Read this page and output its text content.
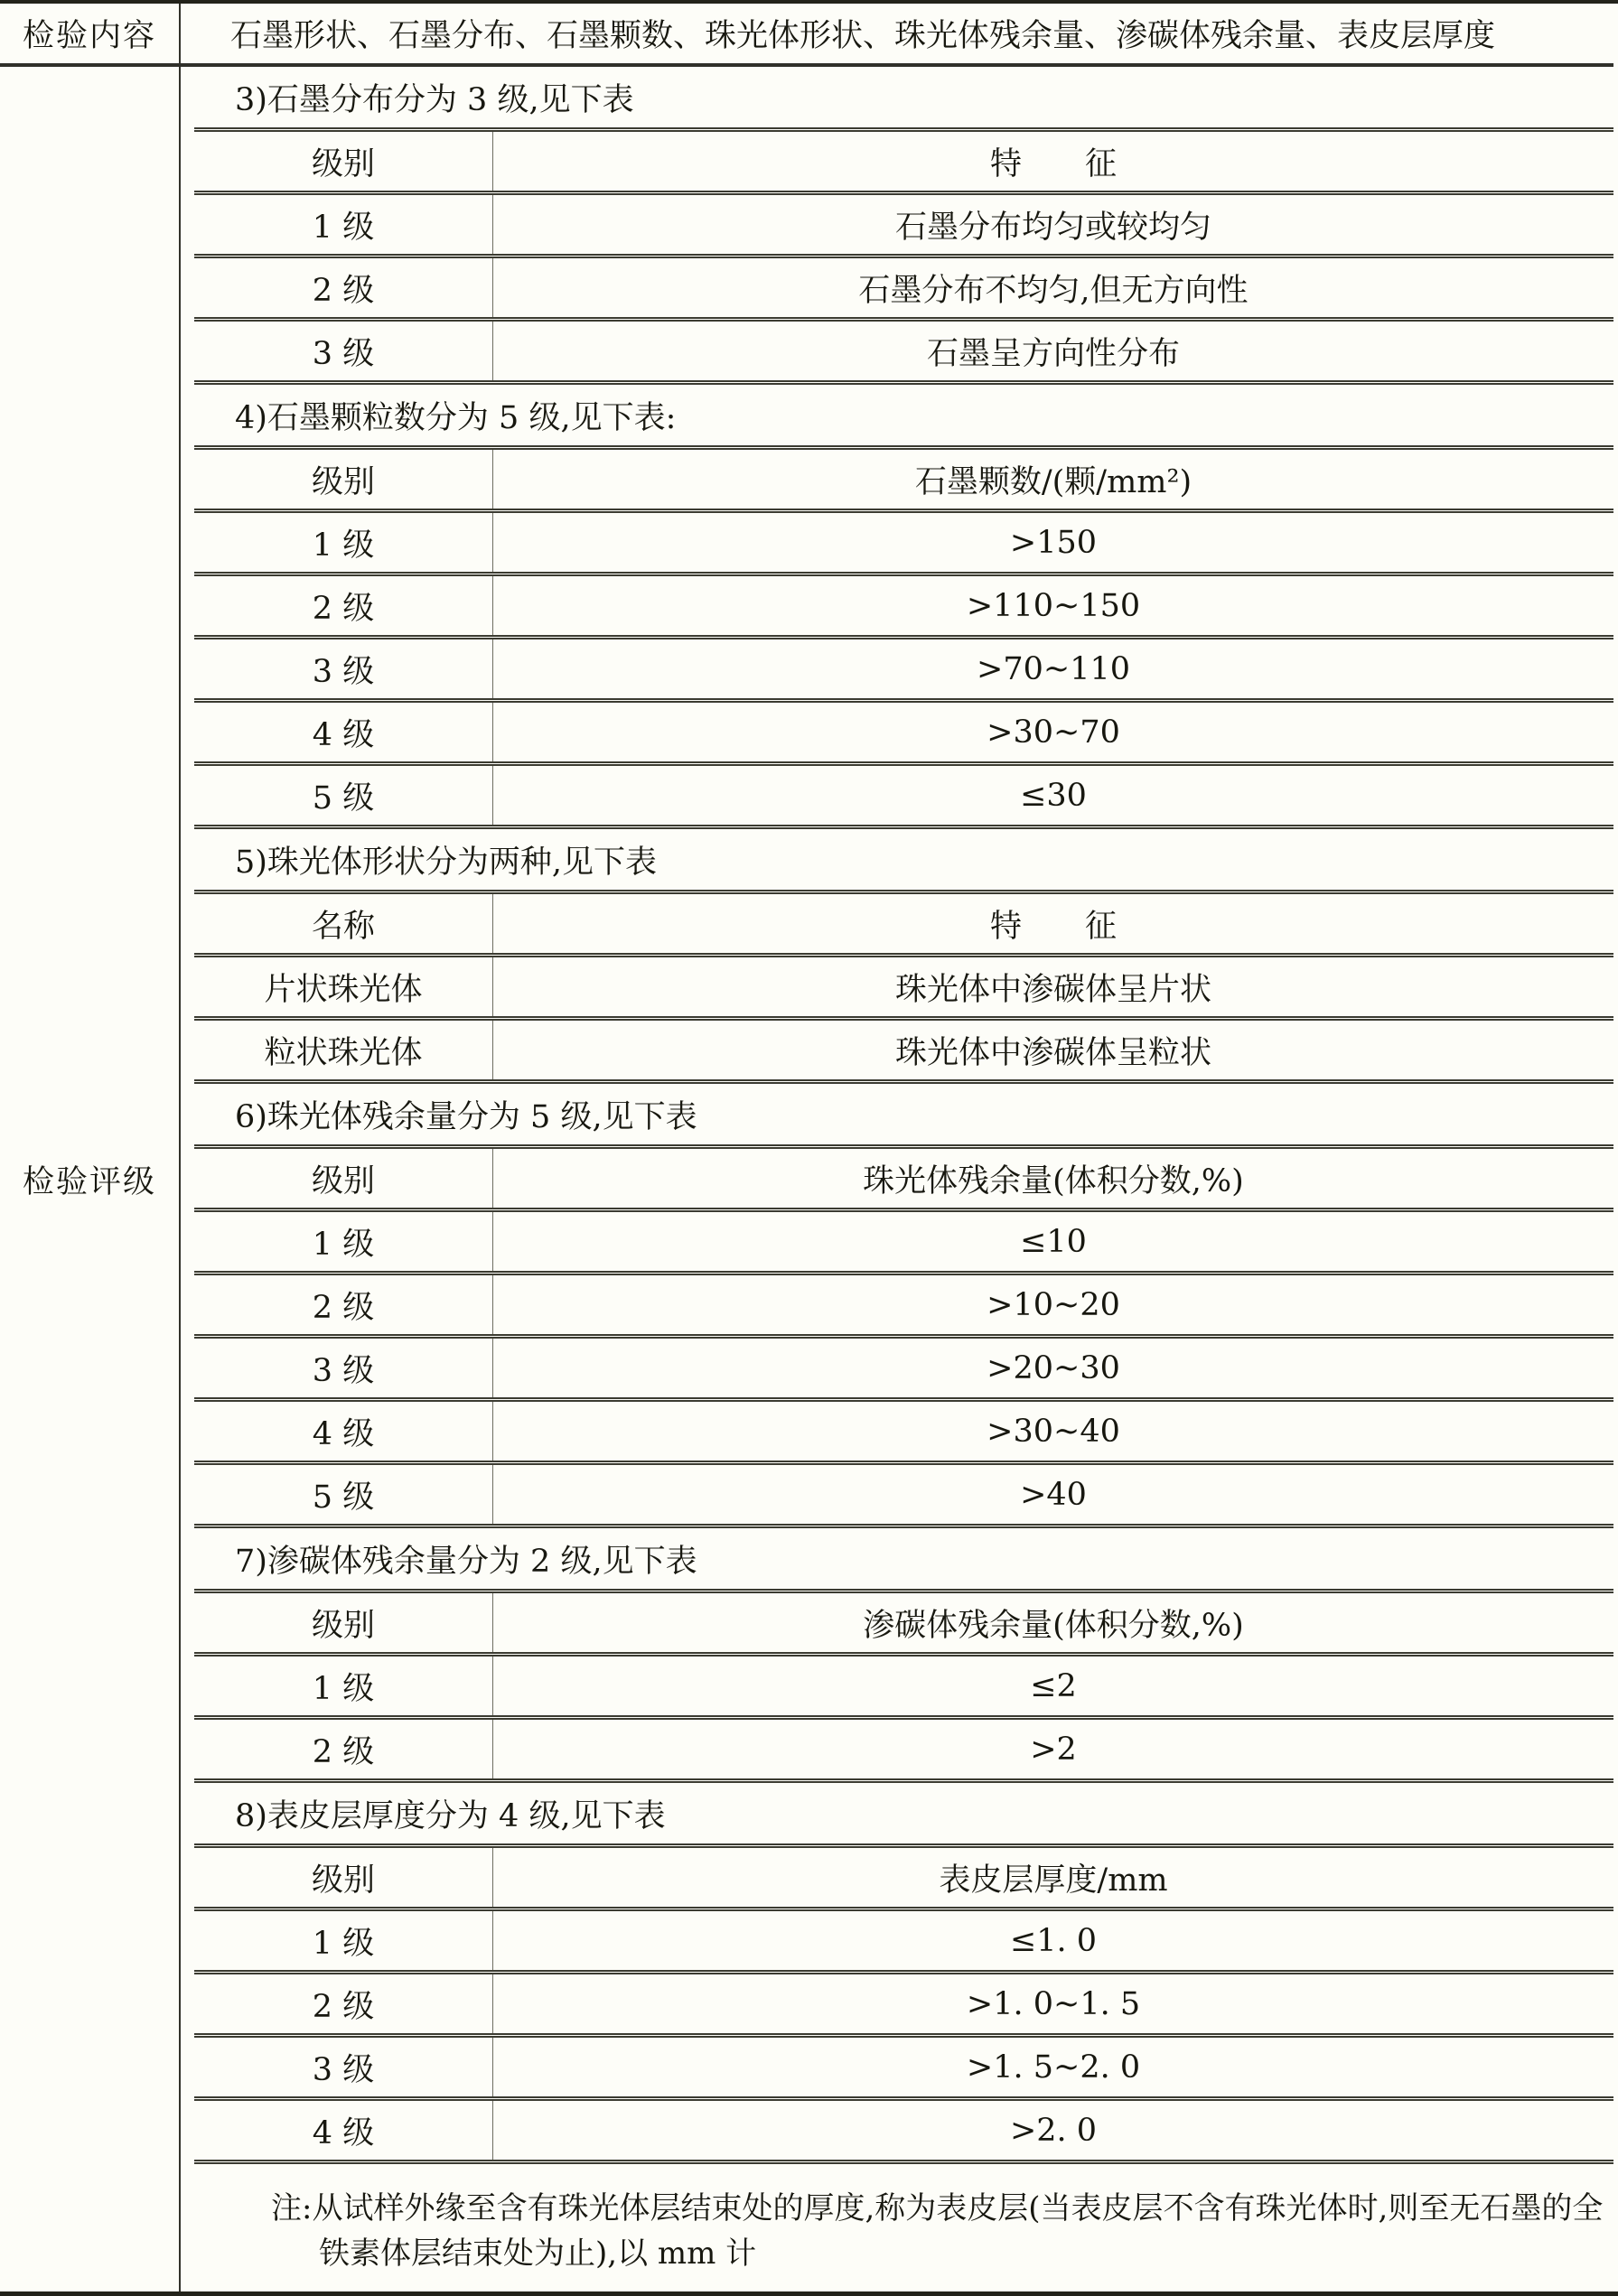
检验内容	石墨形状、石墨分布、石墨颗数、珠光体形状、珠光体残余量、渗碳体残余量、表皮层厚度
检验评级
3)石墨分布分为 3 级,见下表
级别	特　　征
1 级	石墨分布均匀或较均匀
2 级	石墨分布不均匀,但无方向性
3 级	石墨呈方向性分布
4)石墨颗粒数分为 5 级,见下表:
级别	石墨颗数/(颗/mm²)
1 级	>150
2 级	>110~150
3 级	>70~110
4 级	>30~70
5 级	≤30
5)珠光体形状分为两种,见下表
名称	特　　征
片状珠光体	珠光体中渗碳体呈片状
粒状珠光体	珠光体中渗碳体呈粒状
6)珠光体残余量分为 5 级,见下表
级别	珠光体残余量(体积分数,%)
1 级	≤10
2 级	>10~20
3 级	>20~30
4 级	>30~40
5 级	>40
7)渗碳体残余量分为 2 级,见下表
级别	渗碳体残余量(体积分数,%)
1 级	≤2
2 级	>2
8)表皮层厚度分为 4 级,见下表
级别	表皮层厚度/mm
1 级	≤1. 0
2 级	>1. 0~1. 5
3 级	>1. 5~2. 0
4 级	>2. 0
注:从试样外缘至含有珠光体层结束处的厚度,称为表皮层(当表皮层不含有珠光体时,则至无石墨的全
铁素体层结束处为止),以 mm 计
